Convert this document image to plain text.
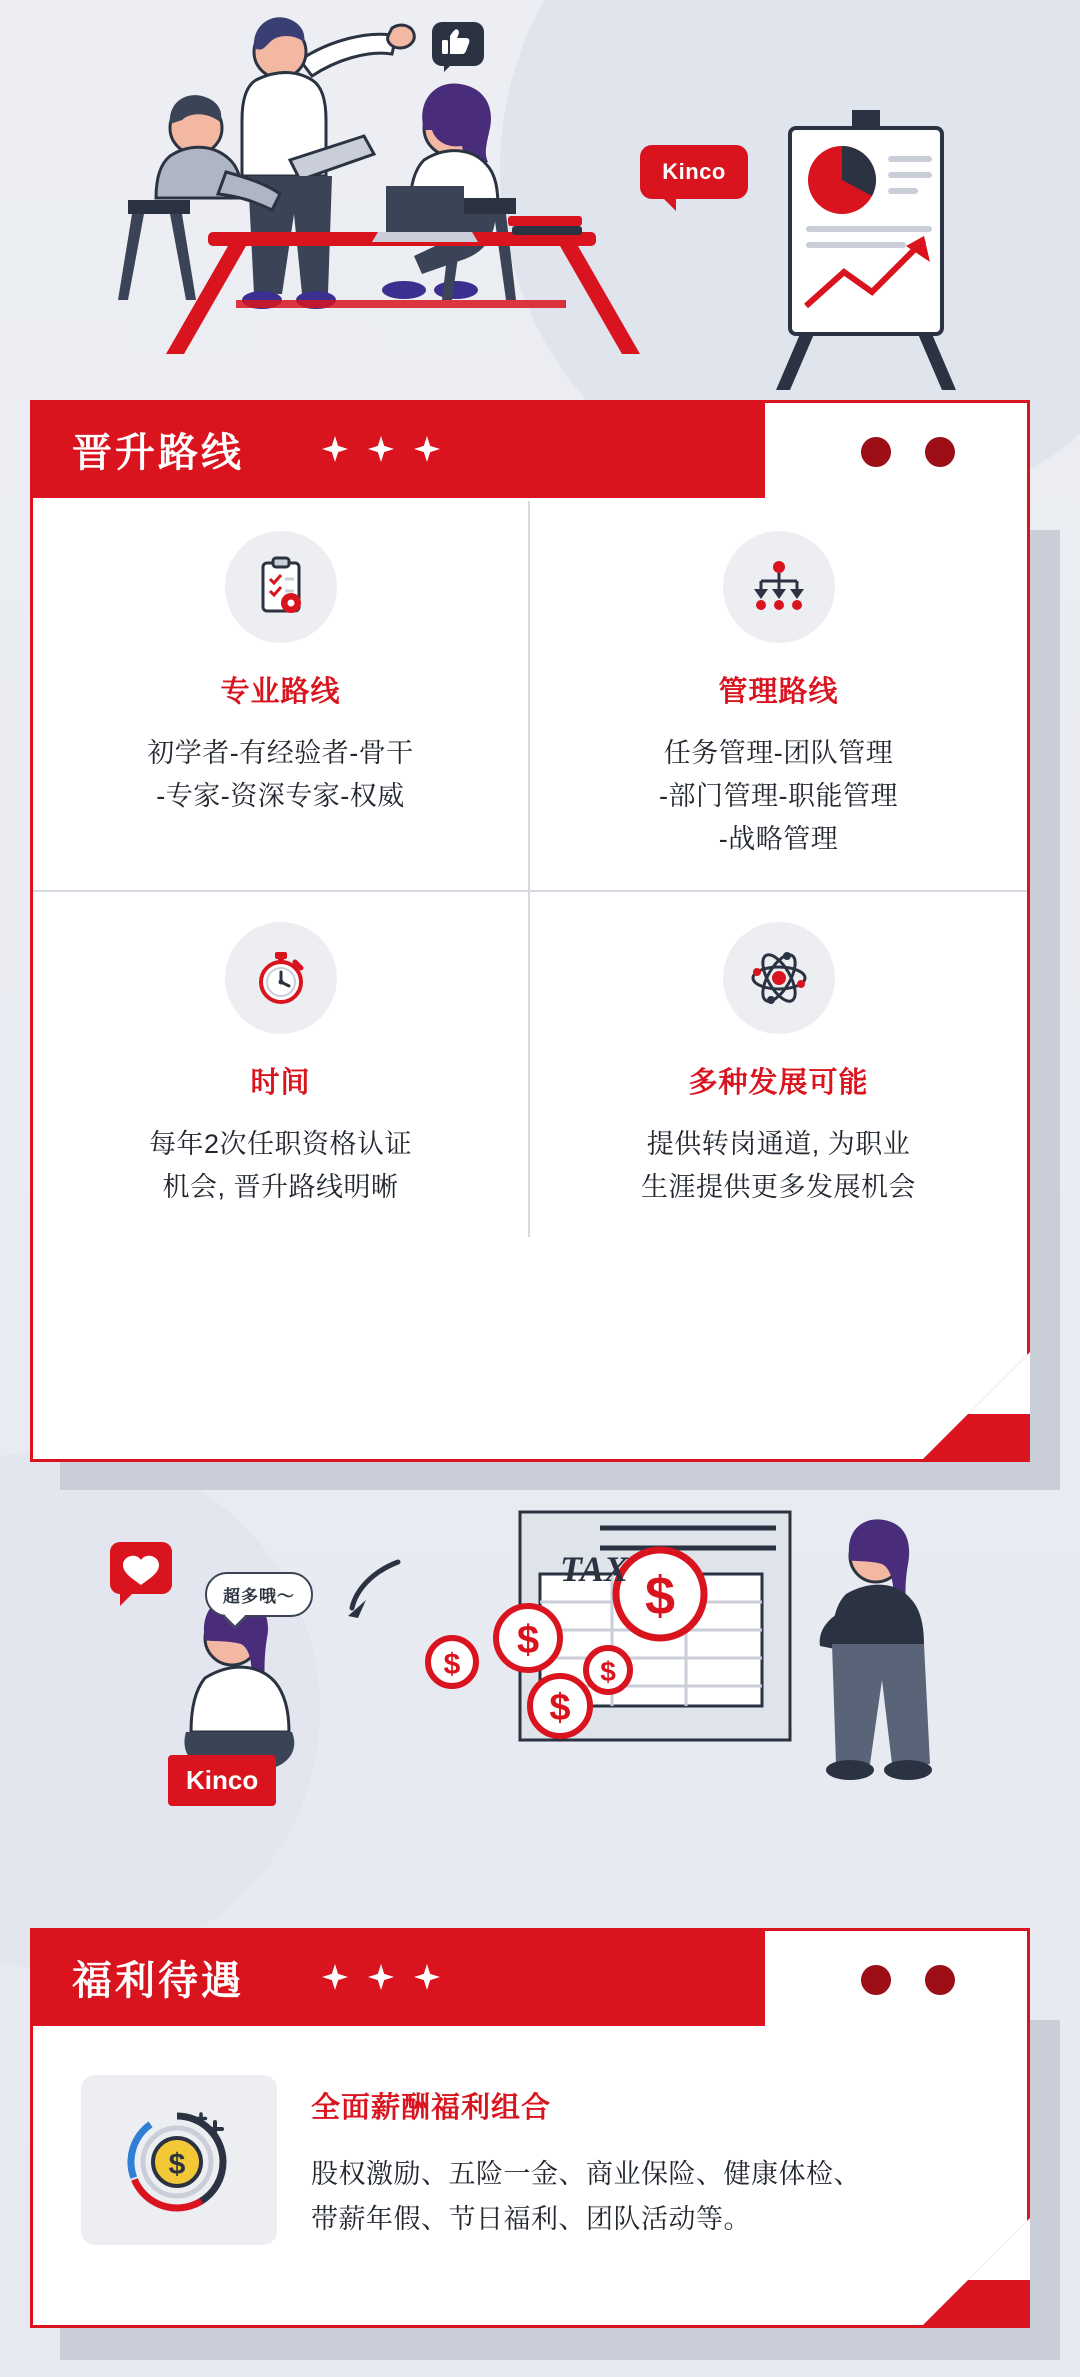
Kinco
晋升路线
专业路线

初学者-有经验者-骨干

-专家-资深专家-权威

管理路线

任务管理-团队管理

-部门管理-职能管理

-战略管理

时间

每年2次任职资格认证

机会, 晋升路线明晰

多种发展可能

提供转岗通道, 为职业

生涯提供更多发展机会

$
$
$	$
$
超多哦～
Kinco
TAX
福利待遇
$
全面薪酬福利组合

股权激励、五险一金、商业保险、健康体检、

带薪年假、节日福利、团队活动等。
